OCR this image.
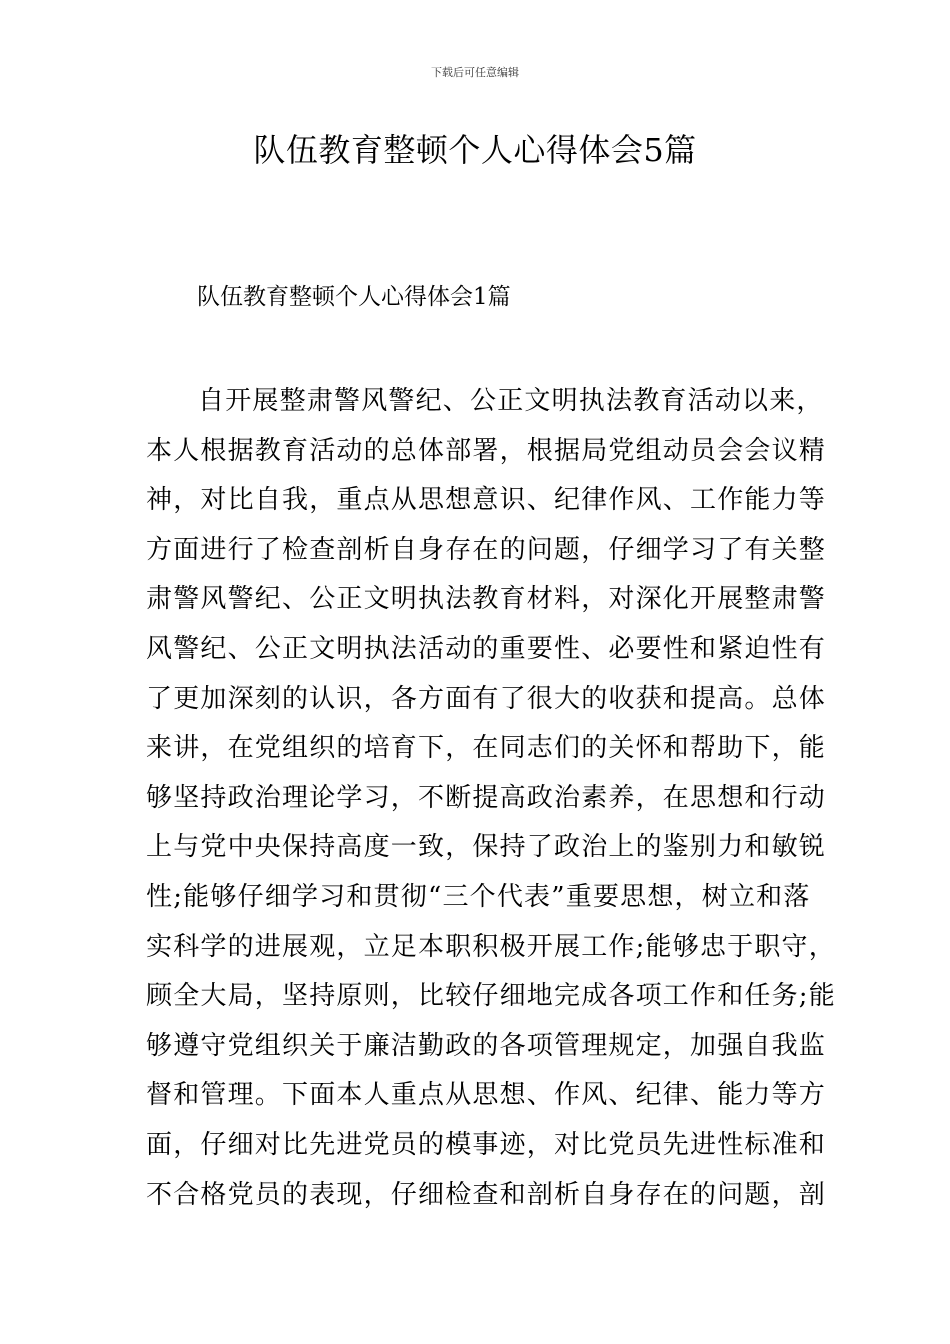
下载后可任意编辑
队伍教育整顿个人心得体会5篇
队伍教育整顿个人心得体会1篇
自开展整肃警风警纪、公正文明执法教育活动以来，
本人根据教育活动的总体部署，根据局党组动员会会议精
神，对比自我，重点从思想意识、纪律作风、工作能力等
方面进行了检查剖析自身存在的问题，仔细学习了有关整
肃警风警纪、公正文明执法教育材料，对深化开展整肃警
风警纪、公正文明执法活动的重要性、必要性和紧迫性有
了更加深刻的认识，各方面有了很大的收获和提高。总体
来讲，在党组织的培育下，在同志们的关怀和帮助下，能
够坚持政治理论学习，不断提高政治素养，在思想和行动
上与党中央保持高度一致，保持了政治上的鉴别力和敏锐
性;能够仔细学习和贯彻“三个代表”重要思想，树立和落
实科学的进展观，立足本职积极开展工作;能够忠于职守，
顾全大局，坚持原则，比较仔细地完成各项工作和任务;能
够遵守党组织关于廉洁勤政的各项管理规定，加强自我监
督和管理。下面本人重点从思想、作风、纪律、能力等方
面，仔细对比先进党员的模事迹，对比党员先进性标准和
不合格党员的表现，仔细检查和剖析自身存在的问题，剖
